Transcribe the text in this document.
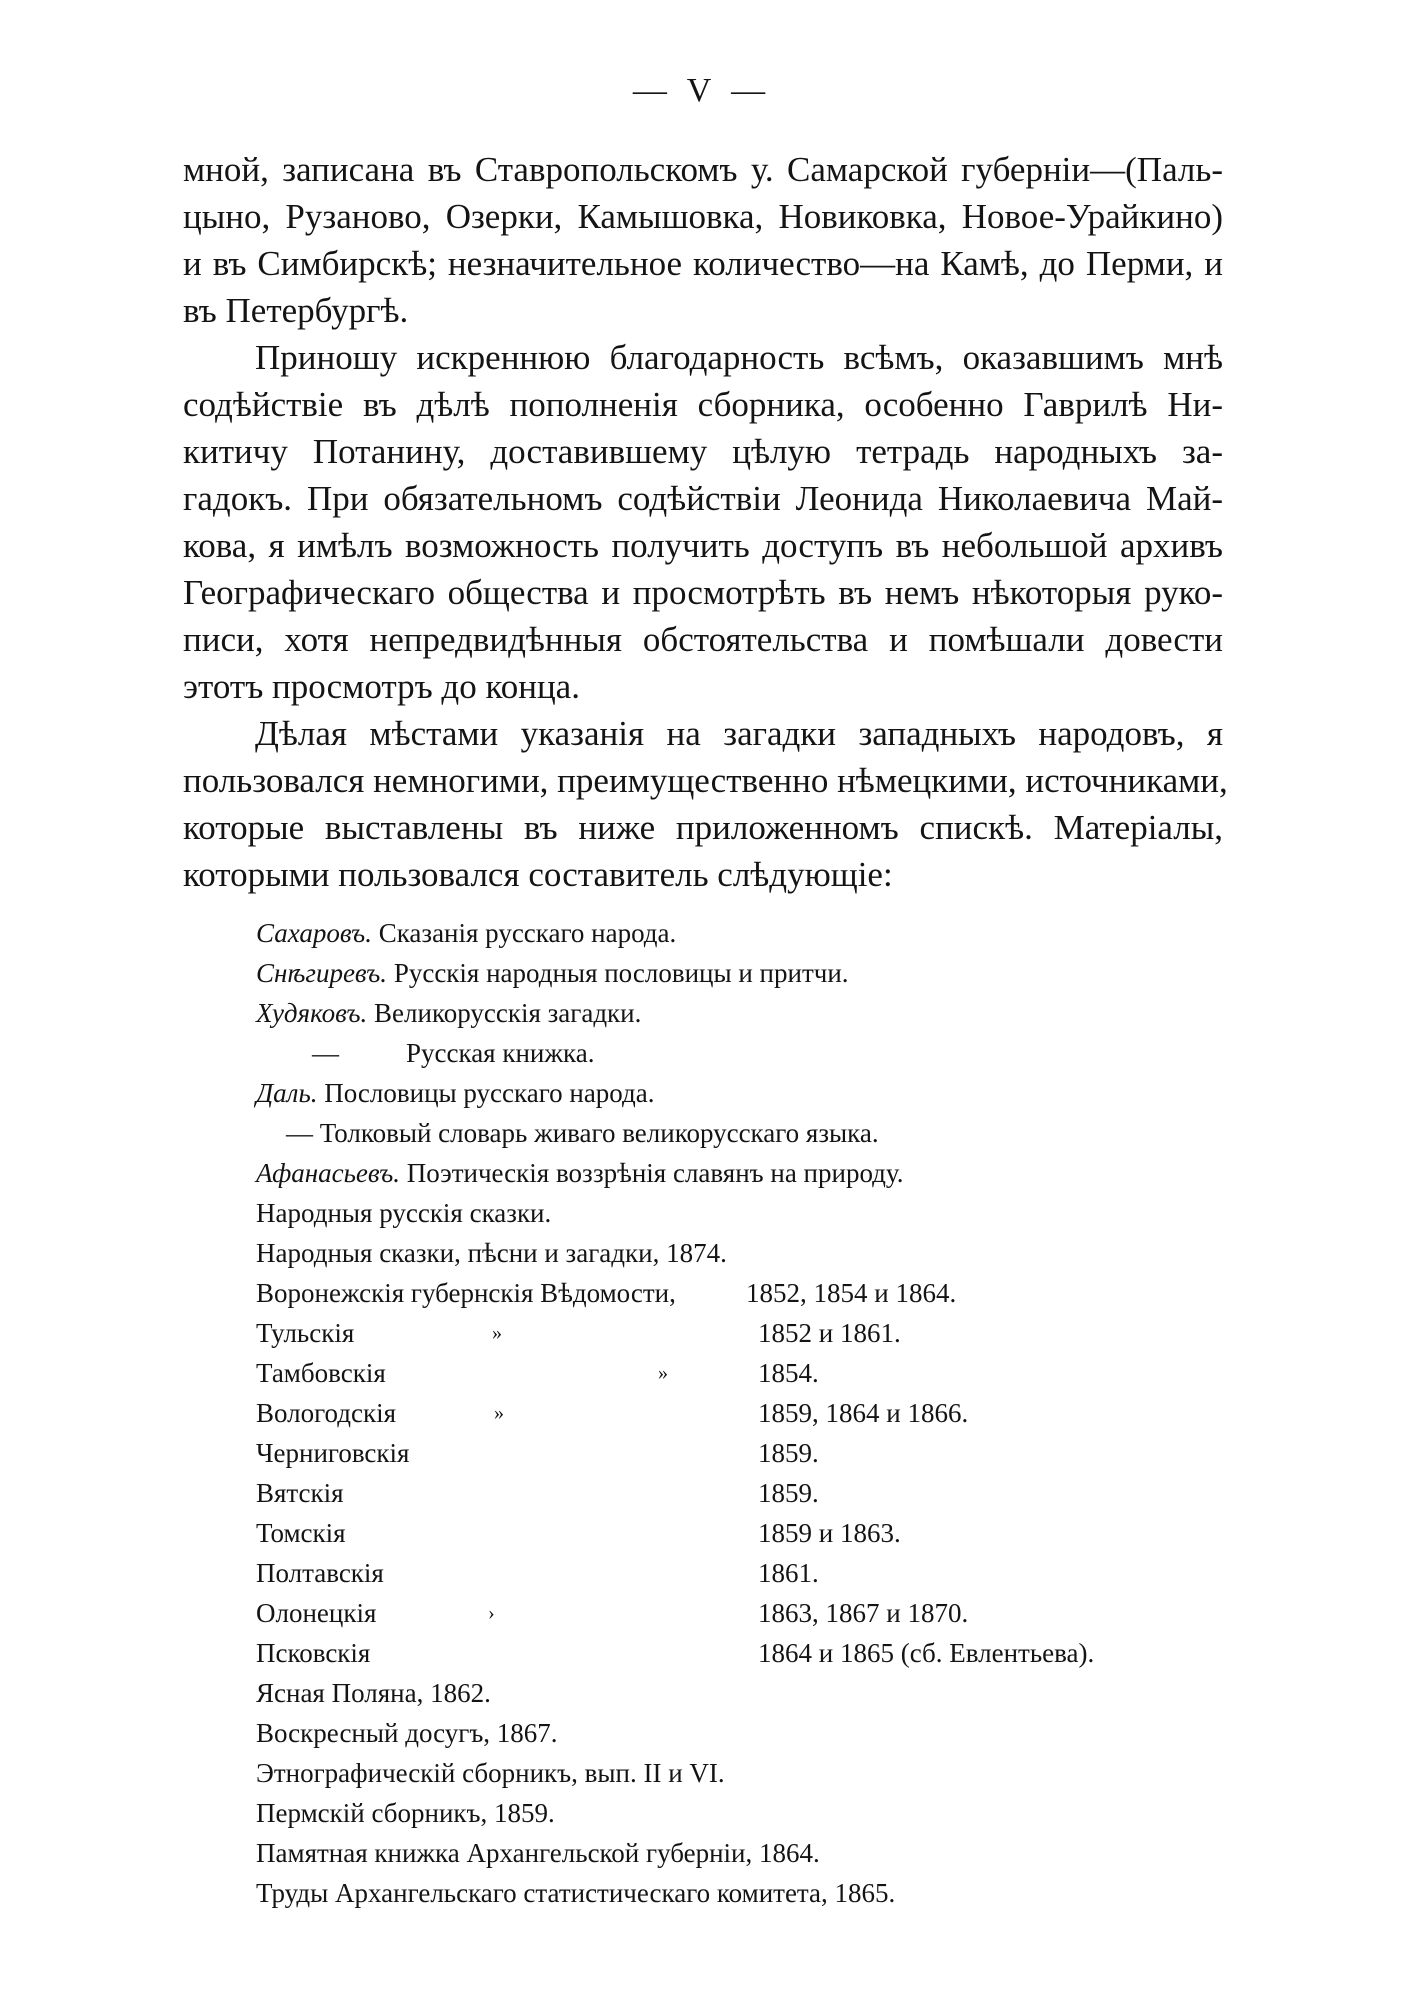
— V —
мной, записана въ Ставропольскомъ у. Самарской губерніи—(Паль-
цыно, Рузаново, Озерки, Камышовка, Новиковка, Новое-Урайкино)
и въ Симбирскѣ; незначительное количество—на Камѣ, до Перми, и
въ Петербургѣ.
Приношу искреннюю благодарность всѣмъ, оказавшимъ мнѣ
содѣйствіе въ дѣлѣ пополненія сборника, особенно Гаврилѣ Ни-
китичу Потанину, доставившему цѣлую тетрадь народныхъ за-
гадокъ. При обязательномъ содѣйствіи Леонида Николаевича Май-
кова, я имѣлъ возможность получить доступъ въ небольшой архивъ
Географическаго общества и просмотрѣть въ немъ нѣкоторыя руко-
писи, хотя непредвидѣнныя обстоятельства и помѣшали довести
этотъ просмотръ до конца.
Дѣлая мѣстами указанія на загадки западныхъ народовъ, я
пользовался немногими, преимущественно нѣмецкими, источниками,
которые выставлены въ ниже приложенномъ спискѣ. Матеріалы,
которыми пользовался составитель слѣдующіе:
Сахаровъ. Сказанія русскаго народа.
Снѣгиревъ. Русскія народныя пословицы и притчи.
Худяковъ. Великорусскія загадки.
— Русская книжка.
Даль. Пословицы русскаго народа.
— Толковый словарь живаго великорусскаго языка.
Афанасьевъ. Поэтическія воззрѣнія славянъ на природу.
Народныя русскія сказки.
Народныя сказки, пѣсни и загадки, 1874.
Воронежскія губернскія Вѣдомости,	1852, 1854 и 1864.
Тульскія	»	1852 и 1861.
Тамбовскія	»	1854.
Вологодскія	»	1859, 1864 и 1866.
Черниговскія	1859.
Вятскія	1859.
Томскія	1859 и 1863.
Полтавскія	1861.
Олонецкія	›	1863, 1867 и 1870.
Псковскія	1864 и 1865 (сб. Евлентьева).
Ясная Поляна, 1862.
Воскресный досугъ, 1867.
Этнографическій сборникъ, вып. II и VI.
Пермскій сборникъ, 1859.
Памятная книжка Архангельской губерніи, 1864.
Труды Архангельскаго статистическаго комитета, 1865.
